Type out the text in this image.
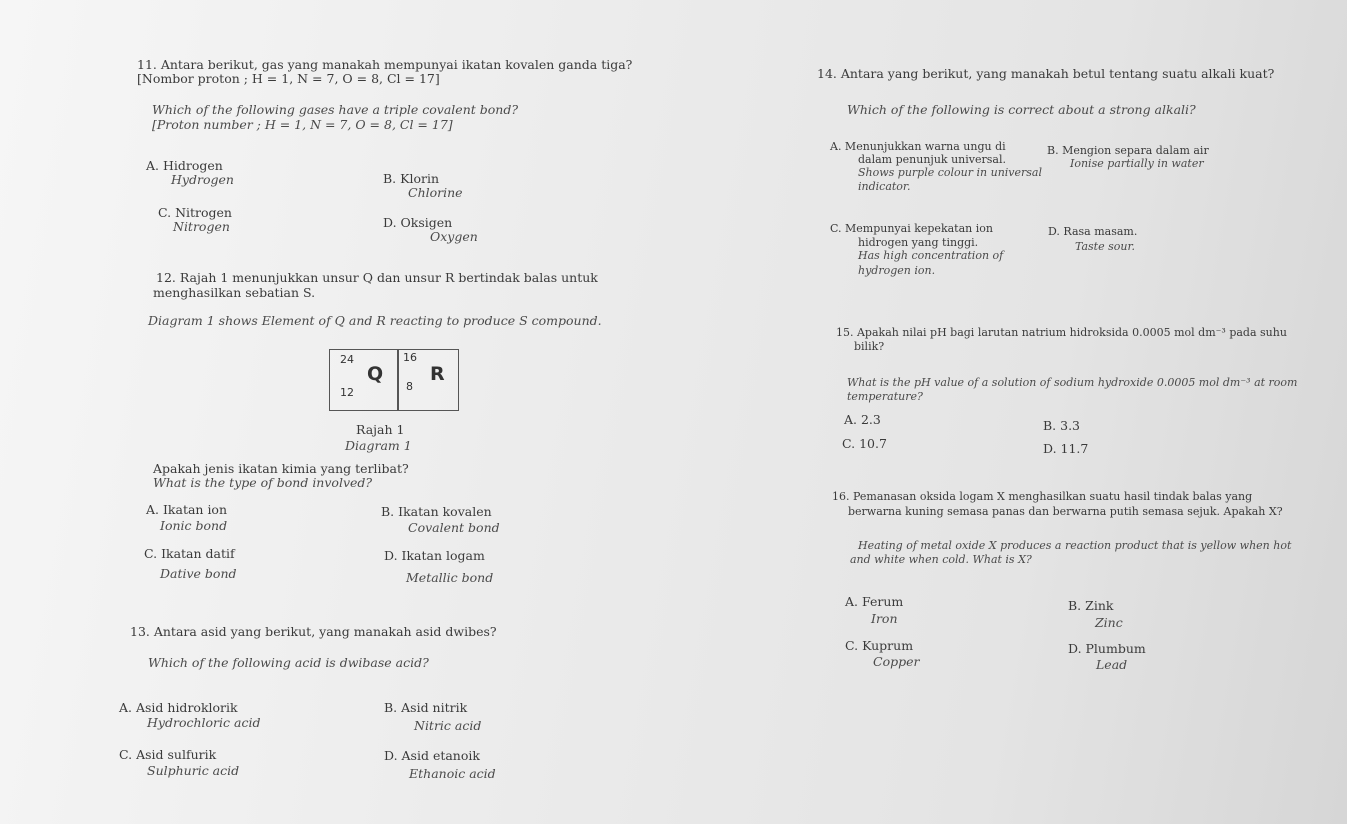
11. Antara berikut, gas yang manakah mempunyai ikatan kovalen ganda tiga?
[Nombor proton ; H = 1, N = 7, O = 8, Cl = 17]
Which of the following gases have a triple covalent bond?
[Proton number ; H = 1, N = 7, O = 8, Cl = 17]
A. Hidrogen
Hydrogen	B. Klorin
Chlorine
C. Nitrogen
Nitrogen	D. Oksigen
Oxygen
12. Rajah 1 menunjukkan unsur Q dan unsur R bertindak balas untuk
menghasilkan sebatian S.
Diagram 1 shows Element of Q and R reacting to produce S compound.
24
12
Q
16
8
R
Rajah 1
Diagram 1
Apakah jenis ikatan kimia yang terlibat?
What is the type of bond involved?
A. Ikatan ion
Ionic bond
B. Ikatan kovalen
Covalent bond
C. Ikatan datif
Dative bond
D. Ikatan logam
Metallic bond
13. Antara asid yang berikut, yang manakah asid dwibes?
Which of the following acid is dwibase acid?
A. Asid hidroklorik
Hydrochloric acid
B. Asid nitrik
Nitric acid
C. Asid sulfurik
Sulphuric acid
D. Asid etanoik
Ethanoic acid
14. Antara yang berikut, yang manakah betul tentang suatu alkali kuat?
Which of the following is correct about a strong alkali?
A. Menunjukkan warna ungu di
dalam penunjuk universal.
Shows purple colour in universal
indicator.
B. Mengion separa dalam air
Ionise partially in water
C. Mempunyai kepekatan ion
hidrogen yang tinggi.
Has high concentration of
hydrogen ion.
D. Rasa masam.
Taste sour.
15. Apakah nilai pH bagi larutan natrium hidroksida 0.0005 mol dm⁻³ pada suhu
bilik?
What is the pH value of a solution of sodium hydroxide 0.0005 mol dm⁻³ at room
temperature?
A. 2.3	B. 3.3
C. 10.7	D. 11.7
16. Pemanasan oksida logam X menghasilkan suatu hasil tindak balas yang
berwarna kuning semasa panas dan berwarna putih semasa sejuk. Apakah X?
Heating of metal oxide X produces a reaction product that is yellow when hot
and white when cold. What is X?
A. Ferum
Iron
B. Zink
Zinc
C. Kuprum
Copper
D. Plumbum
Lead
